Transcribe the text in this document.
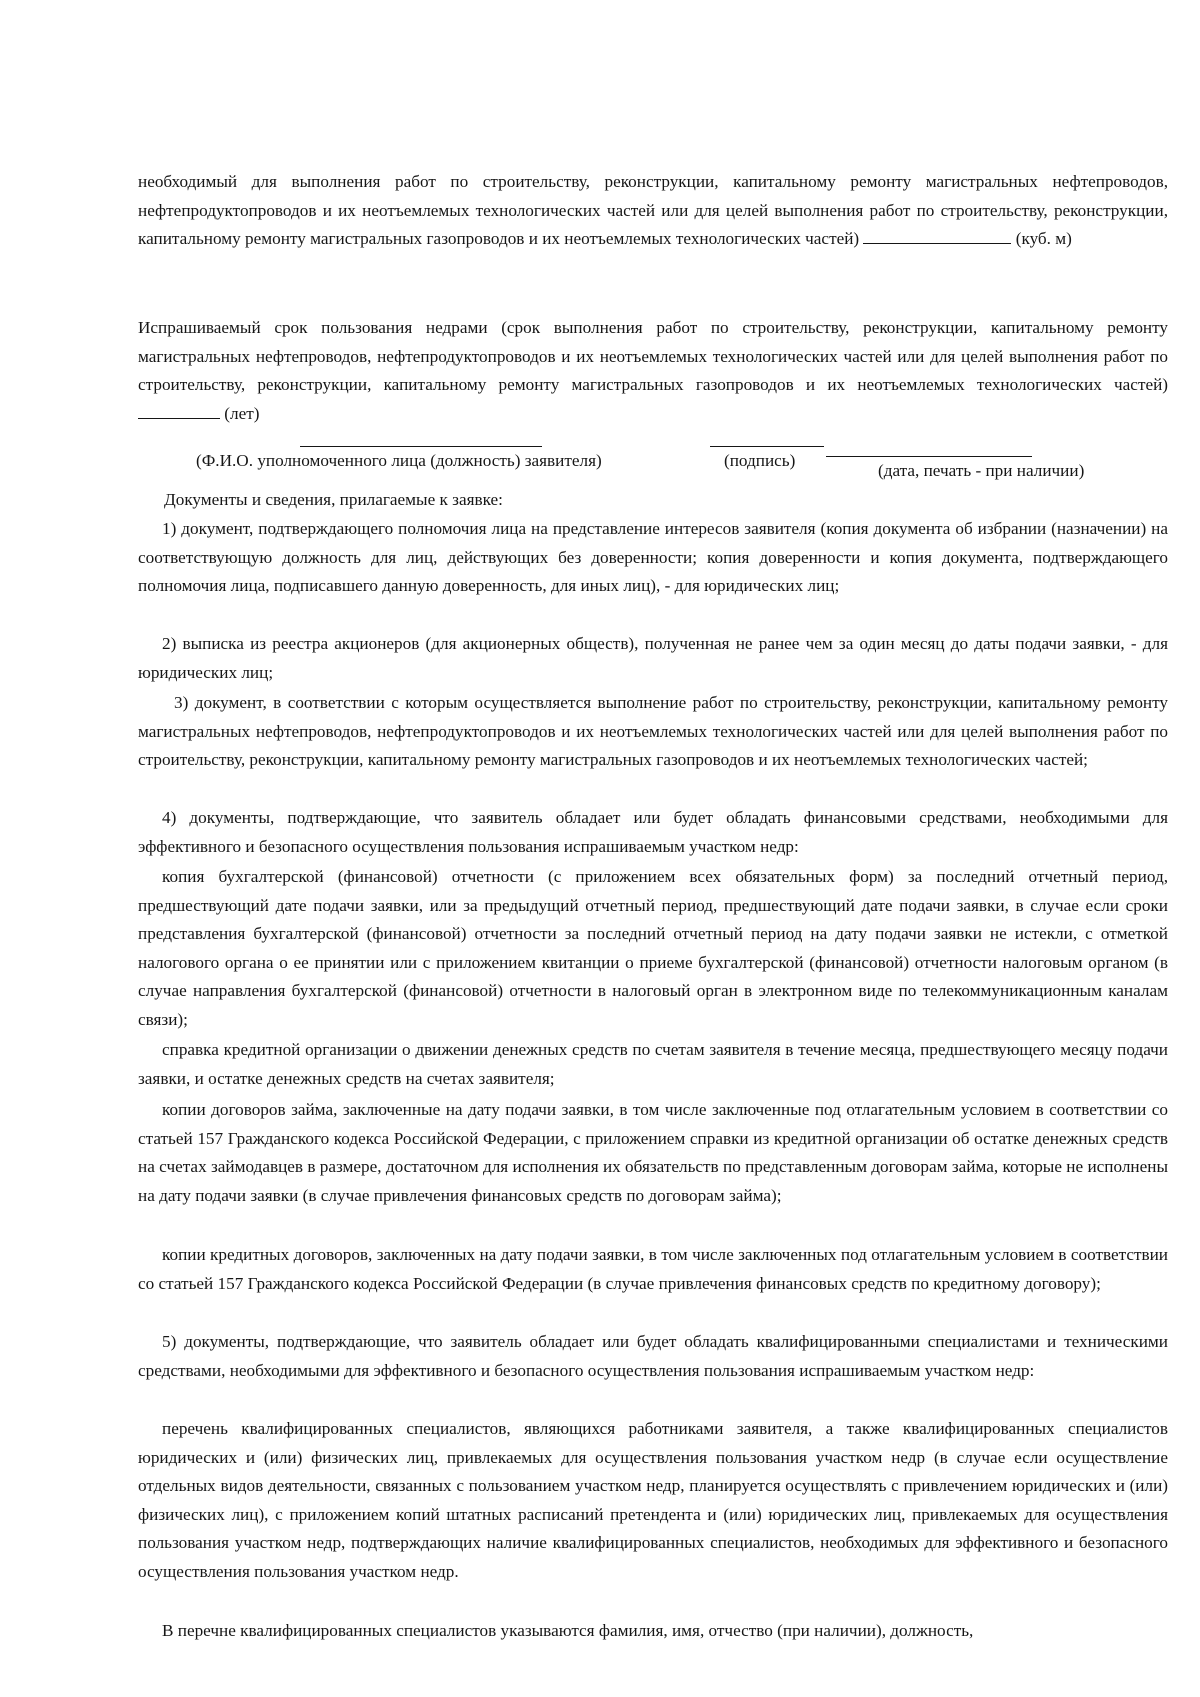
необходимый для выполнения работ по строительству, реконструкции, капитальному ремонту магистральных нефтепроводов, нефтепродуктопроводов и их неотъемлемых технологических частей или для целей выполнения работ по строительству, реконструкции, капитальному ремонту магистральных газопроводов и их неотъемлемых технологических частей)	(куб. м)
Испрашиваемый срок пользования недрами (срок выполнения работ по строительству, реконструкции, капитальному ремонту магистральных нефтепроводов, нефтепродуктопроводов и их неотъемлемых технологических частей или для целей выполнения работ по строительству, реконструкции, капитальному ремонту магистральных газопроводов и их неотъемлемых технологических частей)  (лет)
(Ф.И.О. уполномоченного лица (должность) заявителя)	(подпись)
(дата, печать - при наличии)
Документы и сведения, прилагаемые к заявке:
1) документ, подтверждающего полномочия лица на представление интересов заявителя (копия документа об избрании (назначении) на соответствующую должность для лиц, действующих без доверенности; копия доверенности и копия документа, подтверждающего полномочия лица, подписавшего данную доверенность, для иных лиц), - для юридических лиц;
2) выписка из реестра акционеров (для акционерных обществ), полученная не ранее чем за один месяц до даты подачи заявки, - для юридических лиц;
3) документ, в соответствии с которым осуществляется выполнение работ по строительству, реконструкции, капитальному ремонту магистральных нефтепроводов, нефтепродуктопроводов и их неотъемлемых технологических частей или для целей выполнения работ по строительству, реконструкции, капитальному ремонту магистральных газопроводов и их неотъемлемых технологических частей;
4) документы, подтверждающие, что заявитель обладает или будет обладать финансовыми средствами, необходимыми для эффективного и безопасного осуществления пользования испрашиваемым участком недр:
копия бухгалтерской (финансовой) отчетности (с приложением всех обязательных форм) за последний отчетный период, предшествующий дате подачи заявки, или за предыдущий отчетный период, предшествующий дате подачи заявки, в случае если сроки представления бухгалтерской (финансовой) отчетности за последний отчетный период на дату подачи заявки не истекли, с отметкой налогового органа о ее принятии или с приложением квитанции о приеме бухгалтерской (финансовой) отчетности налоговым органом (в случае направления бухгалтерской (финансовой) отчетности в налоговый орган в электронном виде по телекоммуникационным каналам связи);
справка кредитной организации о движении денежных средств по счетам заявителя в течение месяца, предшествующего месяцу подачи заявки, и остатке денежных средств на счетах заявителя;
копии договоров займа, заключенные на дату подачи заявки, в том числе заключенные под отлагательным условием в соответствии со статьей 157 Гражданского кодекса Российской Федерации, с приложением справки из кредитной организации об остатке денежных средств на счетах займодавцев в размере, достаточном для исполнения их обязательств по представленным договорам займа, которые не исполнены на дату подачи заявки (в случае привлечения финансовых средств по договорам займа);
копии кредитных договоров, заключенных на дату подачи заявки, в том числе заключенных под отлагательным условием в соответствии со статьей 157 Гражданского кодекса Российской Федерации (в случае привлечения финансовых средств по кредитному договору);
5) документы, подтверждающие, что заявитель обладает или будет обладать квалифицированными специалистами и техническими средствами, необходимыми для эффективного и безопасного осуществления пользования испрашиваемым участком недр:
перечень квалифицированных специалистов, являющихся работниками заявителя, а также квалифицированных специалистов юридических и (или) физических лиц, привлекаемых для осуществления пользования участком недр (в случае если осуществление отдельных видов деятельности, связанных с пользованием участком недр, планируется осуществлять с привлечением юридических и (или) физических лиц), с приложением копий штатных расписаний претендента и (или) юридических лиц, привлекаемых для осуществления пользования участком недр, подтверждающих наличие квалифицированных специалистов, необходимых для эффективного и безопасного осуществления пользования участком недр.
В перечне квалифицированных специалистов указываются фамилия, имя, отчество (при наличии), должность,
